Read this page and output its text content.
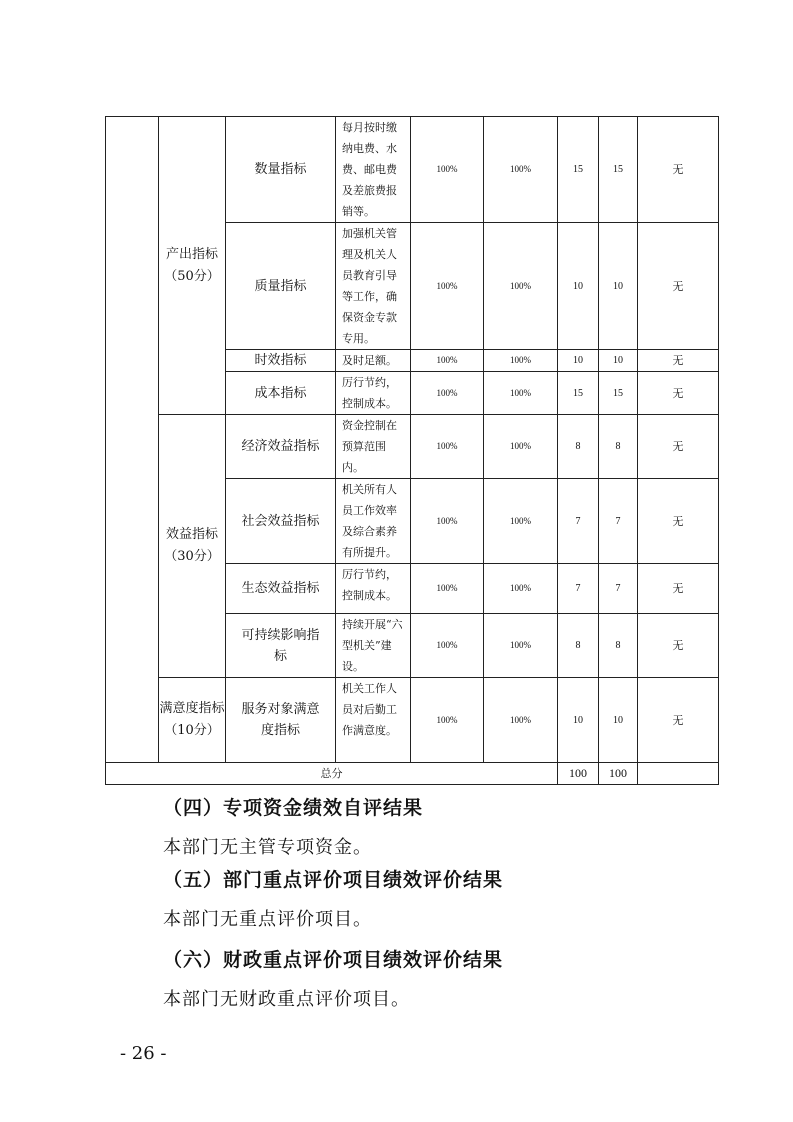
	产出指标（50分）	数量指标	每月按时缴纳电费、水费、邮电费及差旅费报销等。	100%	100%	15	15	无
		质量指标	加强机关管理及机关人员教育引导等工作，确保资金专款专用。	100%	100%	10	10	无
		时效指标	及时足额。	100%	100%	10	10	无
		成本指标	厉行节约，控制成本。	100%	100%	15	15	无
	效益指标（30分）	经济效益指标	资金控制在预算范围内。	100%	100%	8	8	无
		社会效益指标	机关所有人员工作效率及综合素养有所提升。	100%	100%	7	7	无
		生态效益指标	厉行节约，控制成本。	100%	100%	7	7	无
		可持续影响指标	持续开展“六型机关”建设。	100%	100%	8	8	无
	满意度指标（10分）	服务对象满意度指标	机关工作人员对后勤工作满意度。	100%	100%	10	10	无
总分						100	100	
（四）专项资金绩效自评结果
本部门无主管专项资金。
（五）部门重点评价项目绩效评价结果
本部门无重点评价项目。
（六）财政重点评价项目绩效评价结果
本部门无财政重点评价项目。
- 26 -
